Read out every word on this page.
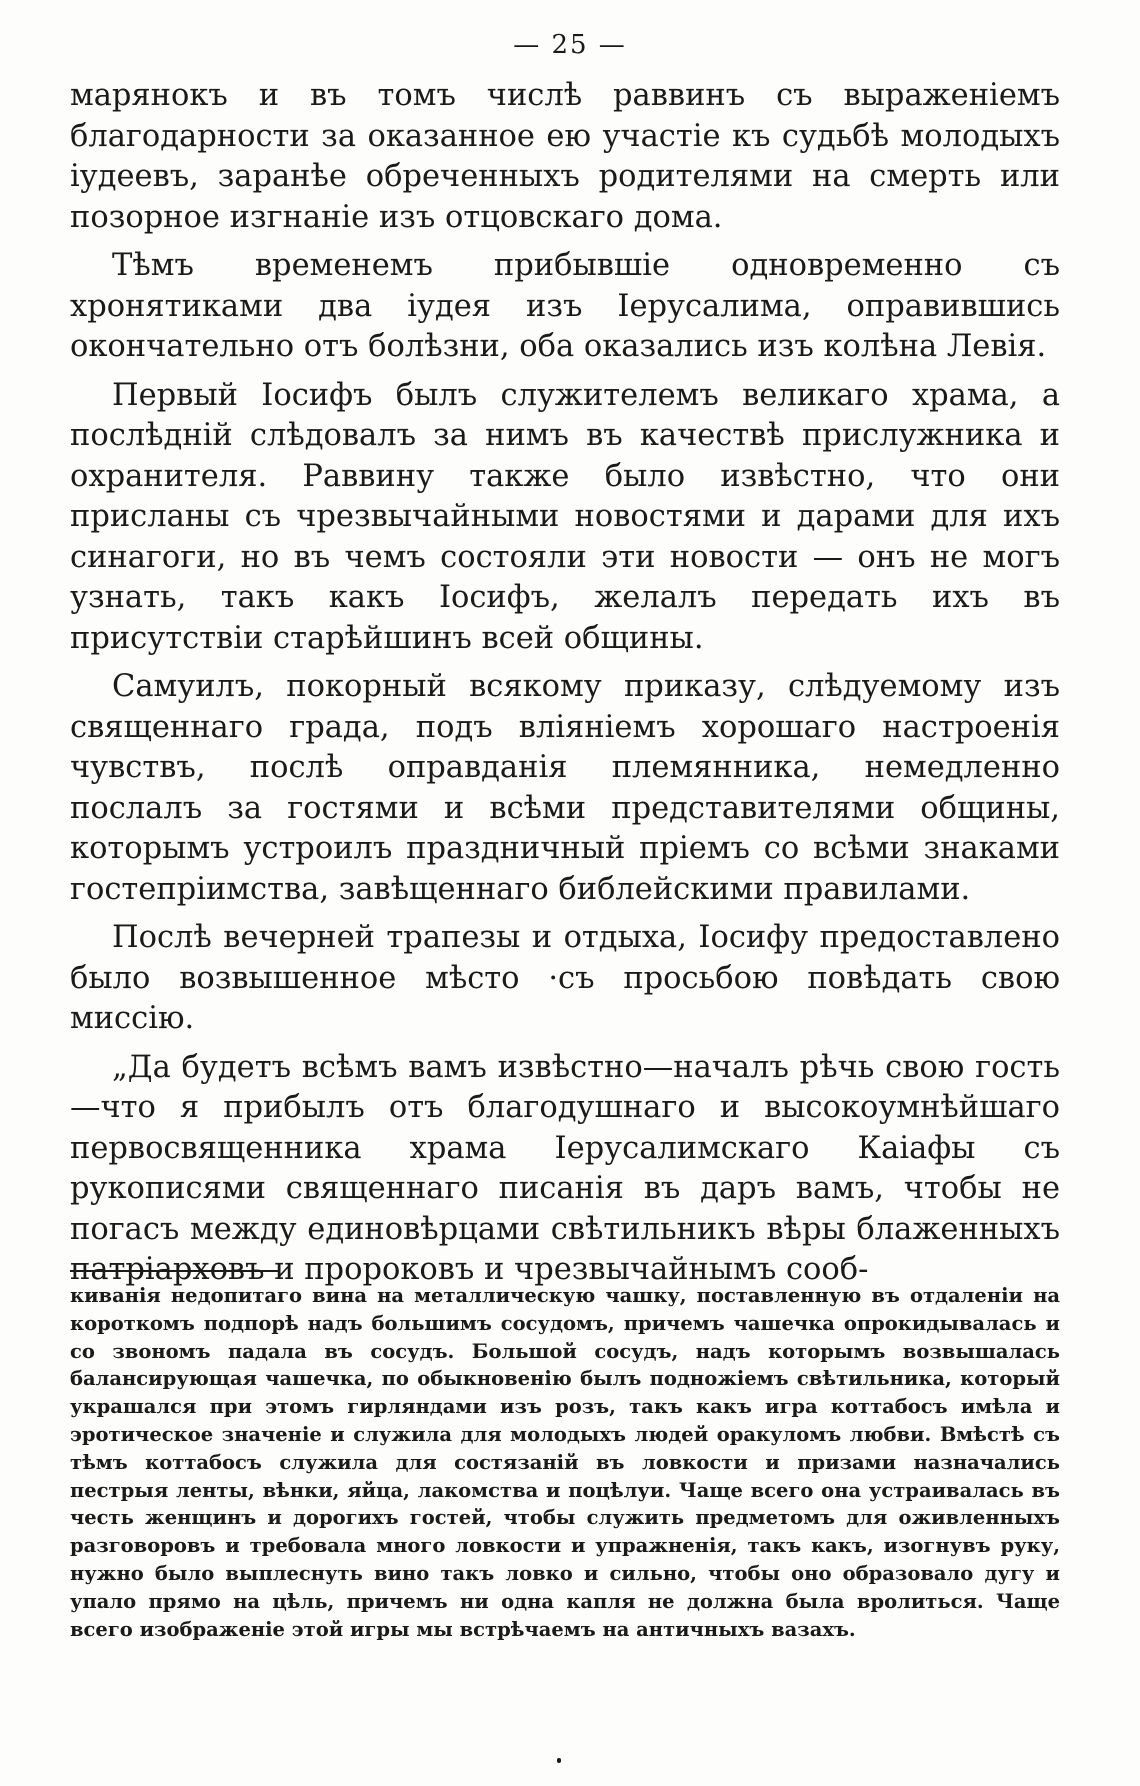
— 25 —

марянокъ и въ томъ числѣ раввинъ съ выраженіемъ благодарности за оказанное ею участіе къ судьбѣ молодыхъ іудеевъ, заранѣе обреченныхъ родителями на смерть или позорное изгнаніе изъ отцовскаго дома.

Тѣмъ временемъ прибывшіе одновременно съ хронятиками два іудея изъ Іерусалима, оправившись окончательно отъ болѣзни, оба оказались изъ колѣна Левія.

Первый Іосифъ былъ служителемъ великаго храма, а послѣдній слѣдовалъ за нимъ въ качествѣ прислужника и охранителя. Раввину также было извѣстно, что они присланы съ чрезвычайными новостями и дарами для ихъ синагоги, но въ чемъ состояли эти новости — онъ не могъ узнать, такъ какъ Іосифъ, желалъ передать ихъ въ присутствіи старѣйшинъ всей общины.

Самуилъ, покорный всякому приказу, слѣдуемому изъ священнаго града, подъ вліяніемъ хорошаго настроенія чувствъ, послѣ оправданія племянника, немедленно послалъ за гостями и всѣми представителями общины, которымъ устроилъ праздничный пріемъ со всѣми знаками гостепріимства, завѣщеннаго библейскими правилами.

Послѣ вечерней трапезы и отдыха, Іосифу предоставлено было возвышенное мѣсто ·съ просьбою повѣдать свою миссію.

„Да будетъ всѣмъ вамъ извѣстно—началъ рѣчь свою гость—что я прибылъ отъ благодушнаго и высокоумнѣйшаго первосвященника храма Іерусалимскаго Каіафы съ рукописями священнаго писанія въ даръ вамъ, чтобы не погасъ между единовѣрцами свѣтильникъ вѣры блаженныхъ патріарховъ и пророковъ и чрезвычайнымъ сооб-

киванія недопитаго вина на металлическую чашку, поставленную въ отдаленіи на короткомъ подпорѣ надъ большимъ сосудомъ, причемъ чашечка опрокидывалась и со звономъ падала въ сосудъ. Большой сосудъ, надъ которымъ возвышалась балансирующая чашечка, по обыкновенію былъ подножіемъ свѣтильника, который украшался при этомъ гирляндами изъ розъ, такъ какъ игра коттабосъ имѣла и эротическое значеніе и служила для молодыхъ людей оракуломъ любви. Вмѣстѣ съ тѣмъ коттабосъ служила для состязаній въ ловкости и призами назначались пестрыя ленты, вѣнки, яйца, лакомства и поцѣлуи. Чаще всего она устраивалась въ честь женщинъ и дорогихъ гостей, чтобы служить предметомъ для оживленныхъ разговоровъ и требовала много ловкости и упражненія, такъ какъ, изогнувъ руку, нужно было выплеснуть вино такъ ловко и сильно, чтобы оно образовало дугу и упало прямо на цѣль, причемъ ни одна капля не должна была вролиться. Чаще всего изображеніе этой игры мы встрѣчаемъ на античныхъ вазахъ.
